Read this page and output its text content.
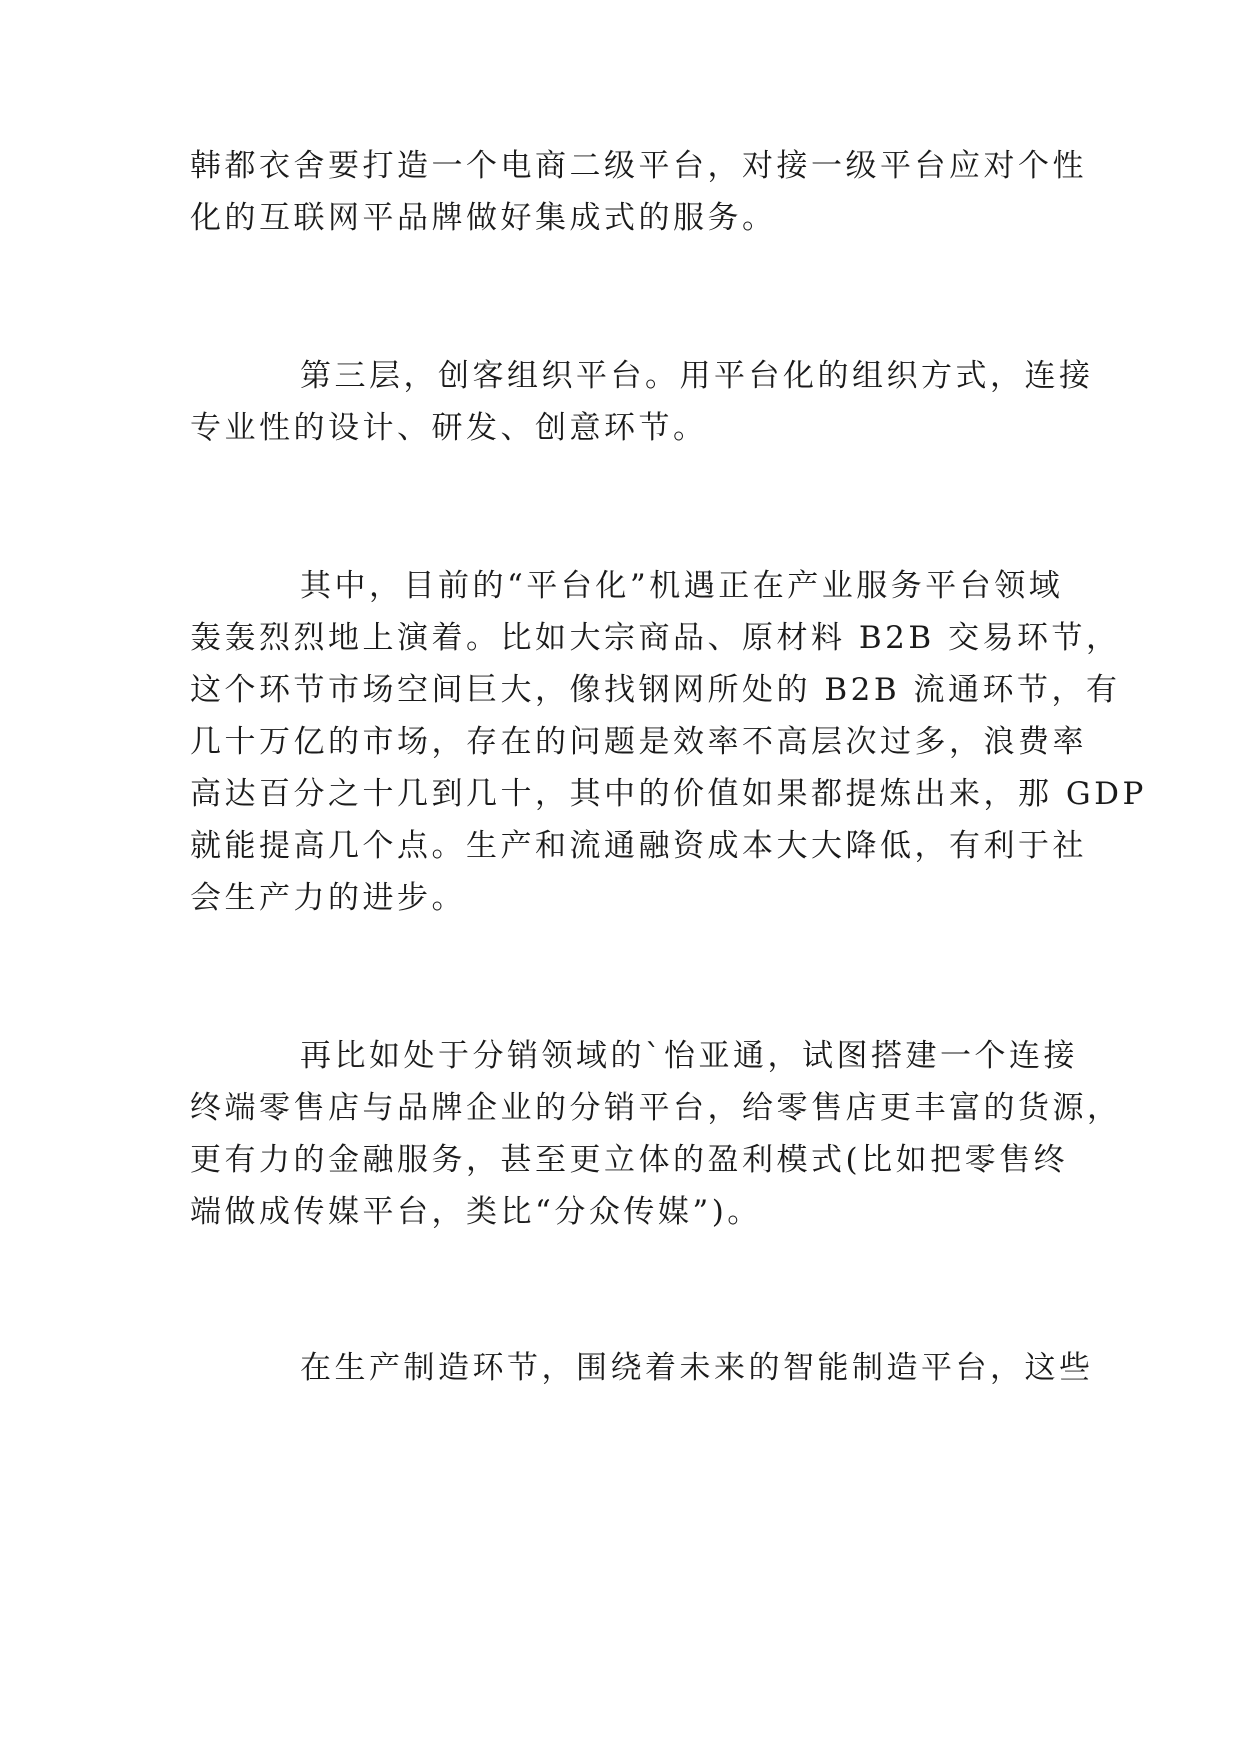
韩都衣舍要打造一个电商二级平台，对接一级平台应对个性
化的互联网平品牌做好集成式的服务。
第三层，创客组织平台。用平台化的组织方式，连接
专业性的设计、研发、创意环节。
其中，目前的“平台化”机遇正在产业服务平台领域
轰轰烈烈地上演着。比如大宗商品、原材料 B2B 交易环节，
这个环节市场空间巨大，像找钢网所处的 B2B 流通环节，有
几十万亿的市场，存在的问题是效率不高层次过多，浪费率
高达百分之十几到几十，其中的价值如果都提炼出来，那 GDP
就能提高几个点。生产和流通融资成本大大降低，有利于社
会生产力的进步。
再比如处于分销领域的`怡亚通，试图搭建一个连接
终端零售店与品牌企业的分销平台，给零售店更丰富的货源，
更有力的金融服务，甚至更立体的盈利模式(比如把零售终
端做成传媒平台，类比“分众传媒”)。
在生产制造环节，围绕着未来的智能制造平台，这些
